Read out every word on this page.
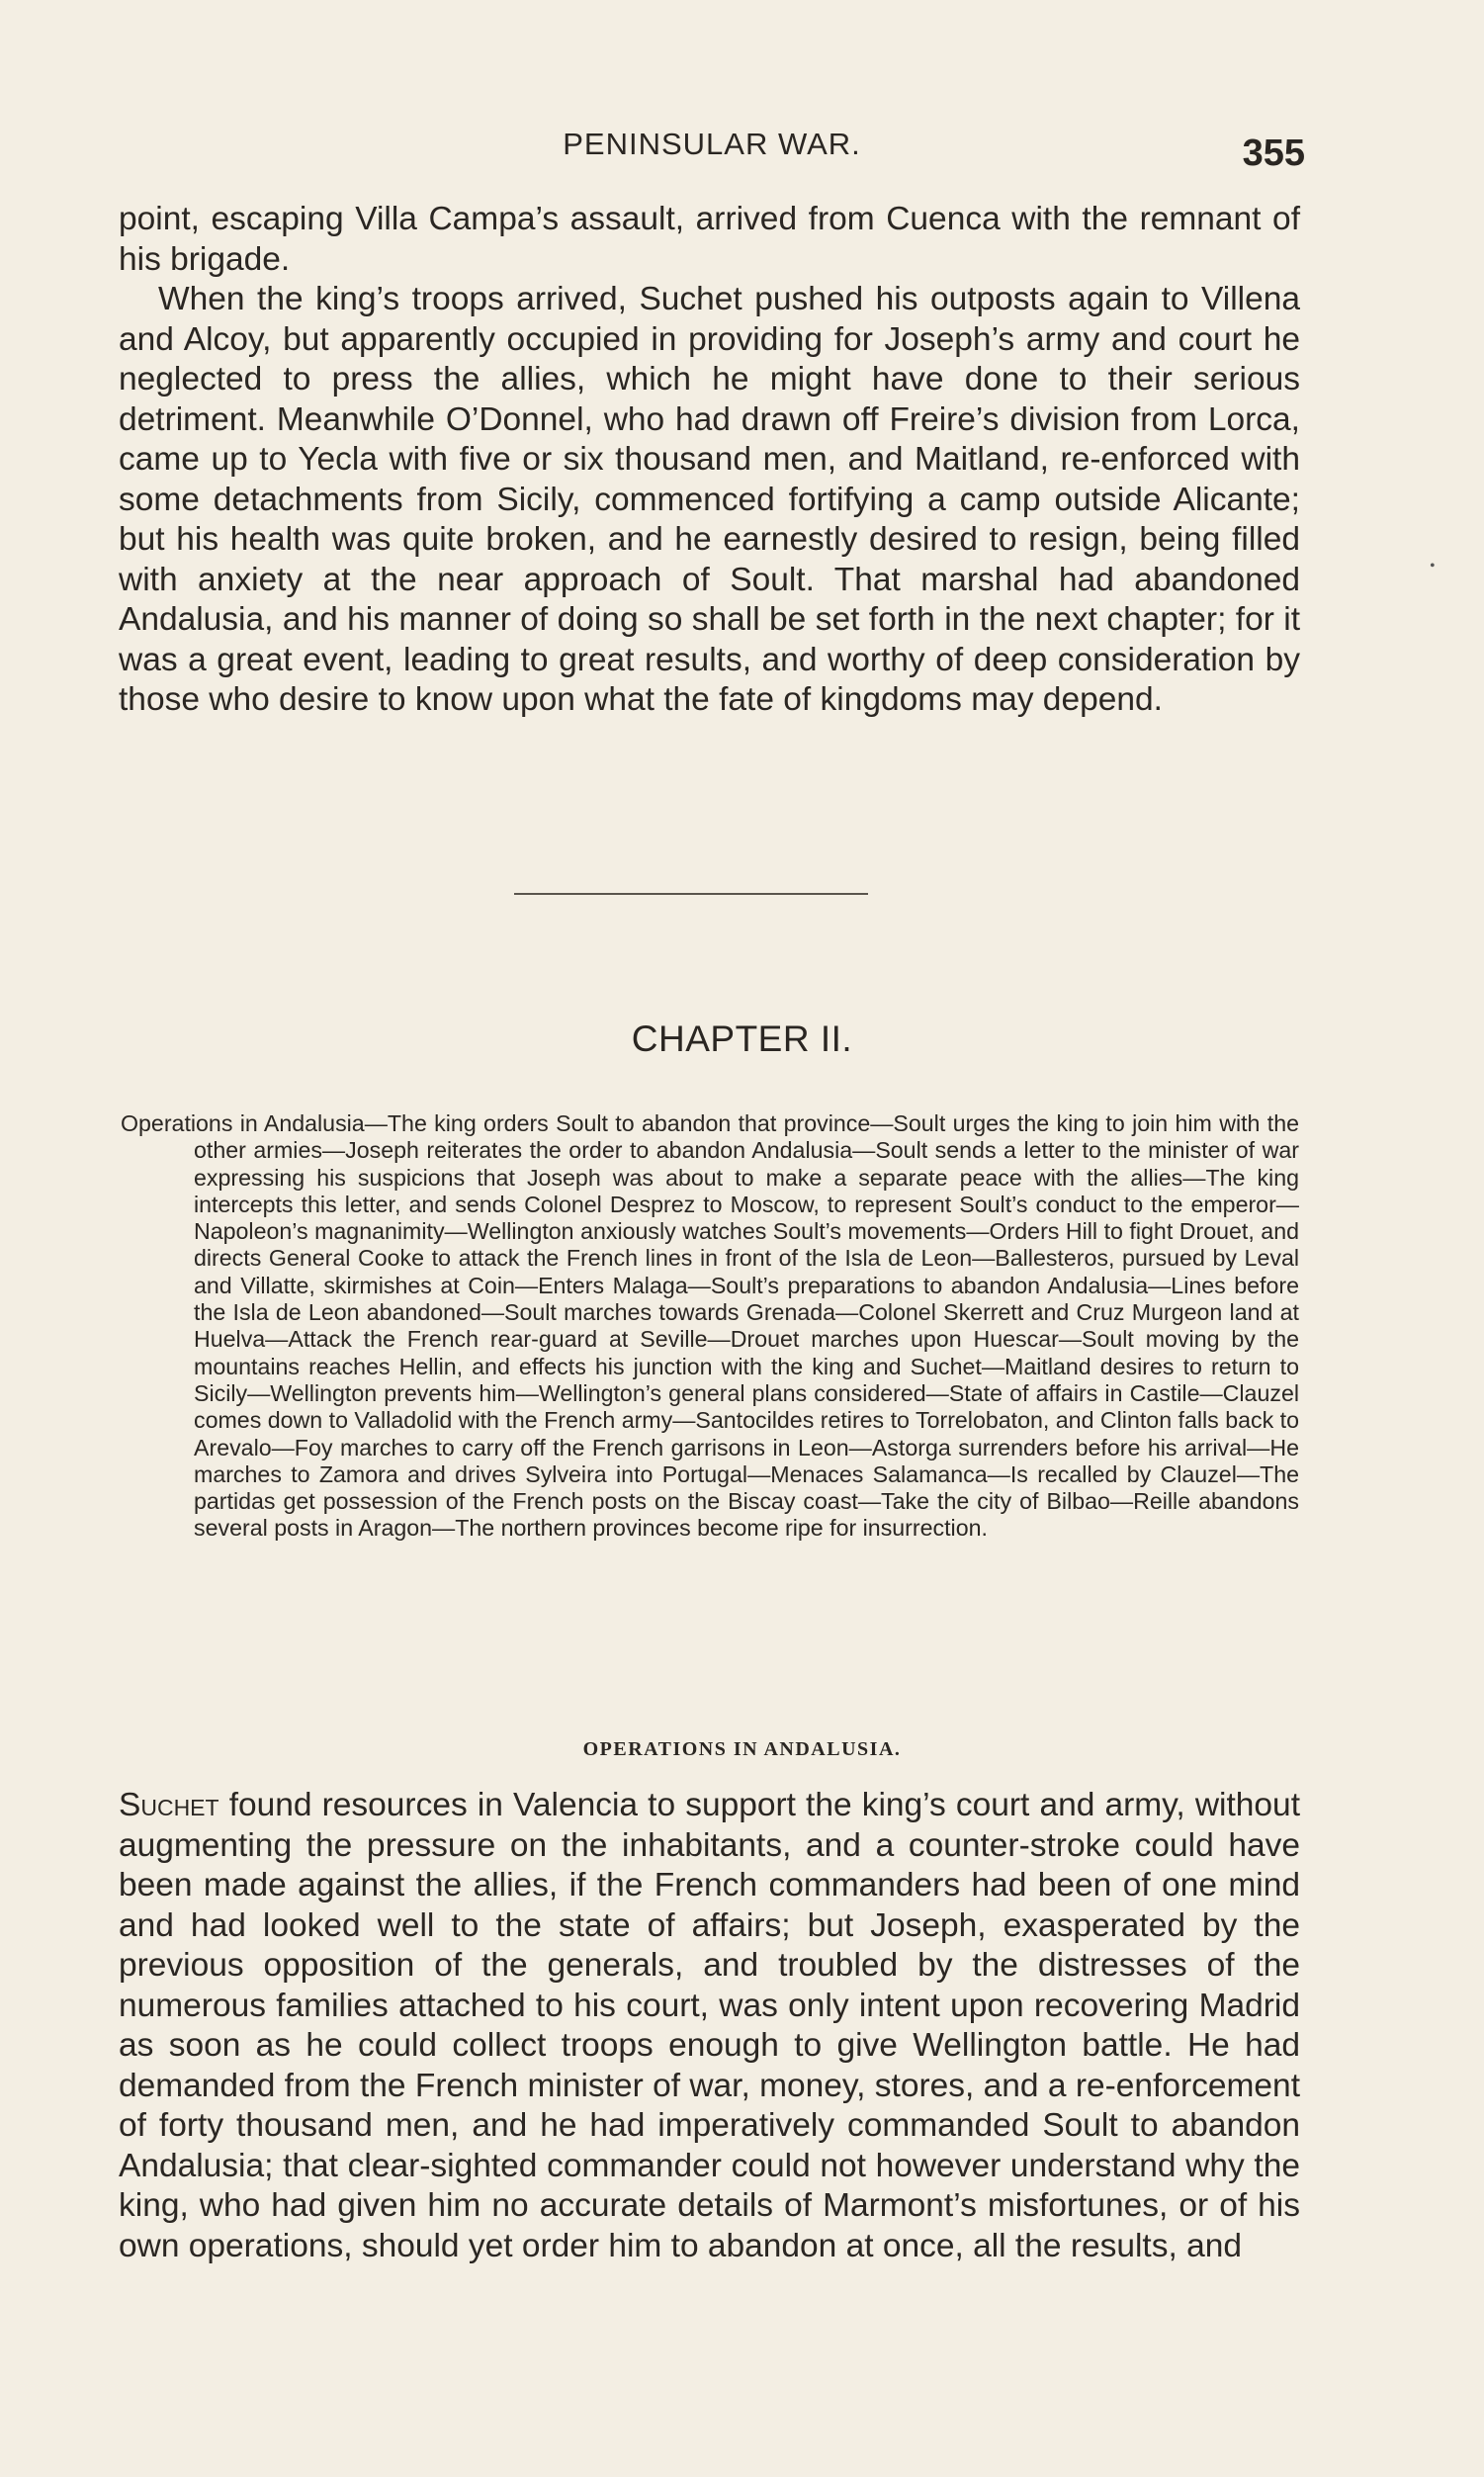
PENINSULAR WAR.	355

point, escaping Villa Campa’s assault, arrived from Cuenca with the remnant of his brigade.

When the king’s troops arrived, Suchet pushed his outposts again to Villena and Alcoy, but apparently occupied in providing for Joseph’s army and court he neglected to press the allies, which he might have done to their serious detriment. Meanwhile O’Donnel, who had drawn off Freire’s division from Lorca, came up to Yecla with five or six thousand men, and Maitland, re-enforced with some detachments from Sicily, commenced fortifying a camp outside Alicante; but his health was quite broken, and he earnestly desired to resign, being filled with anxiety at the near approach of Soult. That marshal had abandoned Andalusia, and his manner of doing so shall be set forth in the next chapter; for it was a great event, leading to great results, and worthy of deep consideration by those who desire to know upon what the fate of kingdoms may depend.

•
CHAPTER II.
Operations in Andalusia—The king orders Soult to abandon that province—Soult urges the king to join him with the other armies—Joseph reiterates the order to abandon Andalusia—Soult sends a letter to the minister of war expressing his suspicions that Joseph was about to make a separate peace with the allies—The king intercepts this letter, and sends Colonel Desprez to Moscow, to represent Soult’s conduct to the emperor—Napoleon’s magnanimity—Wellington anxiously watches Soult’s movements—Orders Hill to fight Drouet, and directs General Cooke to attack the French lines in front of the Isla de Leon—Ballesteros, pursued by Leval and Villatte, skirmishes at Coin—Enters Malaga—Soult’s preparations to abandon Andalusia—Lines before the Isla de Leon abandoned—Soult marches towards Grenada—Colonel Skerrett and Cruz Murgeon land at Huelva—Attack the French rear-guard at Seville—Drouet marches upon Huescar—Soult moving by the mountains reaches Hellin, and effects his junction with the king and Suchet—Maitland desires to return to Sicily—Wellington prevents him—Wellington’s general plans considered—State of affairs in Castile—Clauzel comes down to Valladolid with the French army—Santocildes retires to Torrelobaton, and Clinton falls back to Arevalo—Foy marches to carry off the French garrisons in Leon—Astorga surrenders before his arrival—He marches to Zamora and drives Sylveira into Portugal—Menaces Salamanca—Is recalled by Clauzel—The partidas get possession of the French posts on the Biscay coast—Take the city of Bilbao—Reille abandons several posts in Aragon—The northern provinces become ripe for insurrection.
OPERATIONS IN ANDALUSIA.

Suchet found resources in Valencia to support the king’s court and army, without augmenting the pressure on the inhabitants, and a counter-stroke could have been made against the allies, if the French commanders had been of one mind and had looked well to the state of affairs; but Joseph, exasperated by the previous opposition of the generals, and troubled by the distresses of the numerous families attached to his court, was only intent upon recovering Madrid as soon as he could collect troops enough to give Wellington battle. He had demanded from the French minister of war, money, stores, and a re-enforcement of forty thousand men, and he had imperatively commanded Soult to abandon Andalusia; that clear-sighted commander could not however understand why the king, who had given him no accurate details of Marmont’s misfortunes, or of his own operations, should yet order him to abandon at once, all the results, and
